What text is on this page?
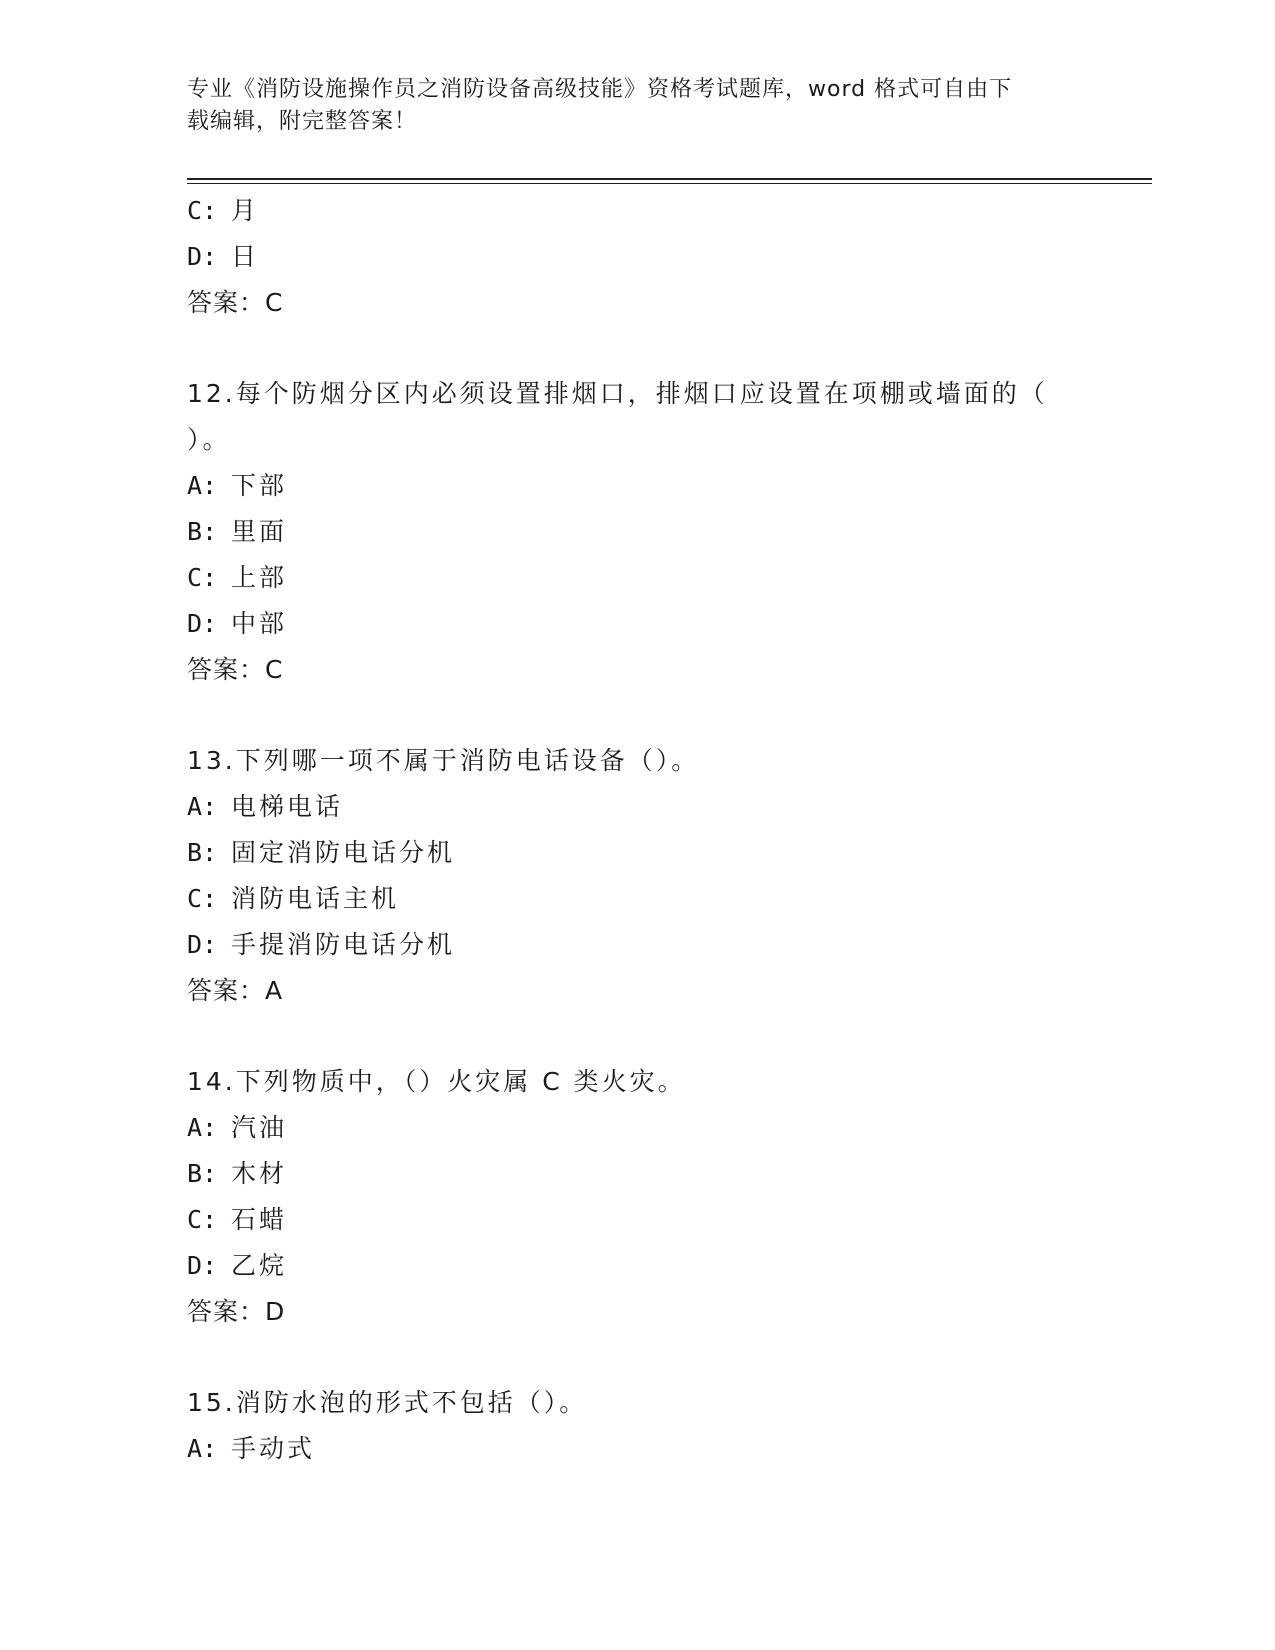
专业《消防设施操作员之消防设备高级技能》资格考试题库，word 格式可自由下
载编辑，附完整答案！
C: 月
D: 日
答案：C
12.每个防烟分区内必须设置排烟口，排烟口应设置在项棚或墙面的（
）。
A: 下部
B: 里面
C: 上部
D: 中部
答案：C
13.下列哪一项不属于消防电话设备（）。
A: 电梯电话
B: 固定消防电话分机
C: 消防电话主机
D: 手提消防电话分机
答案：A
14.下列物质中，（）火灾属 C 类火灾。
A: 汽油
B: 木材
C: 石蜡
D: 乙烷
答案：D
15.消防水泡的形式不包括（）。
A: 手动式
